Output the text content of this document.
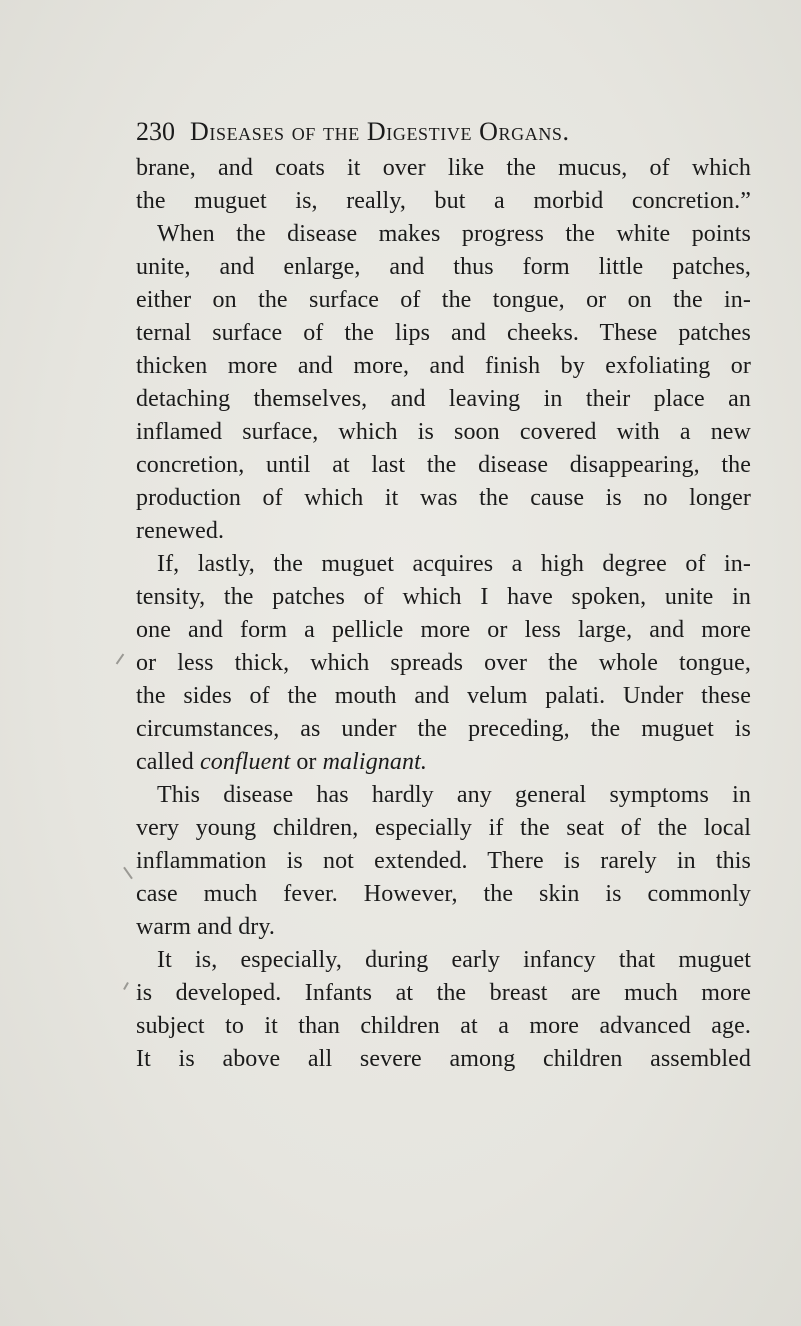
230 Diseases of the Digestive Organs.
brane, and coats it over like the mucus, of which
the muguet is, really, but a morbid concretion.”
When the disease makes progress the white points
unite, and enlarge, and thus form little patches,
either on the surface of the tongue, or on the in-
ternal surface of the lips and cheeks. These patches
thicken more and more, and finish by exfoliating or
detaching themselves, and leaving in their place an
inflamed surface, which is soon covered with a new
concretion, until at last the disease disappearing, the
production of which it was the cause is no longer
renewed.
If, lastly, the muguet acquires a high degree of in-
tensity, the patches of which I have spoken, unite in
one and form a pellicle more or less large, and more
or less thick, which spreads over the whole tongue,
the sides of the mouth and velum palati. Under these
circumstances, as under the preceding, the muguet is
called confluent or malignant.
This disease has hardly any general symptoms in
very young children, especially if the seat of the local
inflammation is not extended. There is rarely in this
case much fever. However, the skin is commonly
warm and dry.
It is, especially, during early infancy that muguet
is developed. Infants at the breast are much more
subject to it than children at a more advanced age.
It is above all severe among children assembled
